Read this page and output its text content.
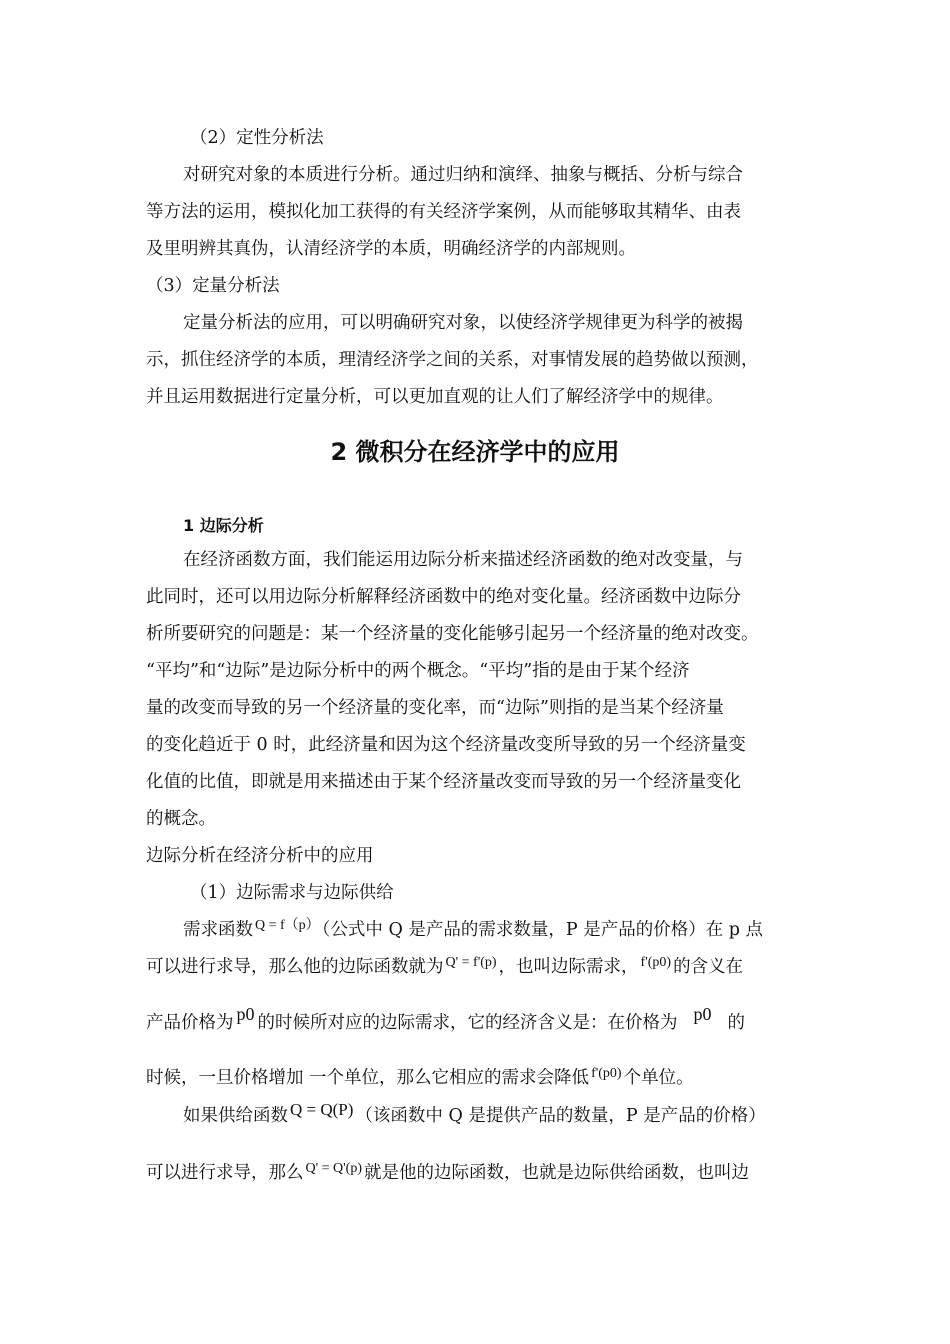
（2）定性分析法
对研究对象的本质进行分析。通过归纳和演绎、抽象与概括、分析与综合
等方法的运用，模拟化加工获得的有关经济学案例，从而能够取其精华、由表
及里明辨其真伪，认清经济学的本质，明确经济学的内部规则。
（3）定量分析法
定量分析法的应用，可以明确研究对象，以使经济学规律更为科学的被揭
示，抓住经济学的本质，理清经济学之间的关系，对事情发展的趋势做以预测，
并且运用数据进行定量分析，可以更加直观的让人们了解经济学中的规律。
2 微积分在经济学中的应用
1 边际分析
在经济函数方面，我们能运用边际分析来描述经济函数的绝对改变量，与
此同时，还可以用边际分析解释经济函数中的绝对变化量。经济函数中边际分
析所要研究的问题是：某一个经济量的变化能够引起另一个经济量的绝对改变。
“平均”和“边际”是边际分析中的两个概念。“平均”指的是由于某个经济
量的改变而导致的另一个经济量的变化率，而“边际”则指的是当某个经济量
的变化趋近于 0 时，此经济量和因为这个经济量改变所导致的另一个经济量变
化值的比值，即就是用来描述由于某个经济量改变而导致的另一个经济量变化
的概念。
边际分析在经济分析中的应用
（1）边际需求与边际供给
需求函数 $^{Q = f(p)}$ （公式中 Q 是产品的需求数量，P 是产品的价格）在 p 点
可以进行求导，那么他的边际函数就为 $^{Q' = f'(p)}$ ，也叫边际需求， $^{f'(p0)}$ 的含义在
产品价格为 p0 的时候所对应的边际需求，它的经济含义是：在价格为 p0 的
时候，一旦价格增加 一个单位，那么它相应的需求会降低 $^{f'(p0)}$ 个单位。
如果供给函数 Q = Q(P) （该函数中 Q 是提供产品的数量，P 是产品的价格）
可以进行求导，那么 $^{Q' = Q'(p)}$ 就是他的边际函数，也就是边际供给函数，也叫边
